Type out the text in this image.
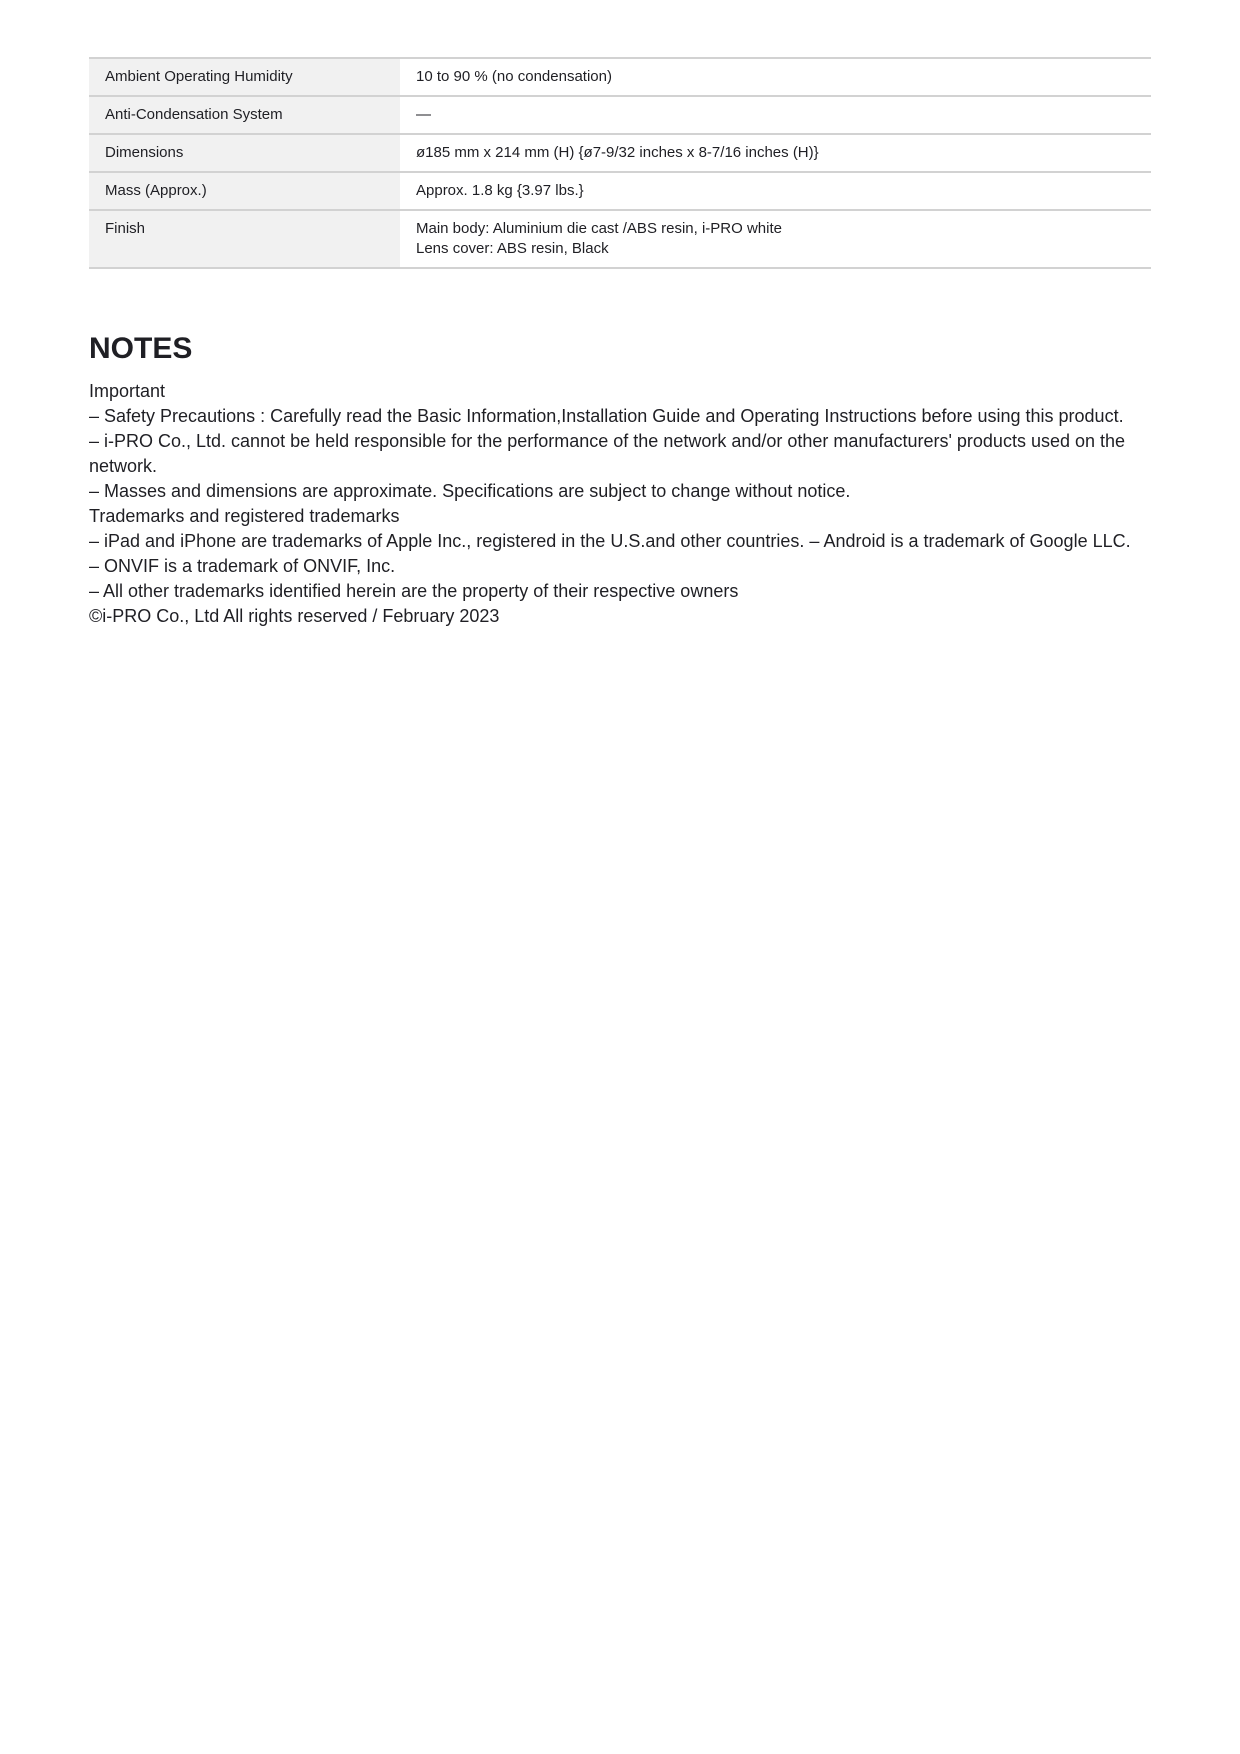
Ambient Operating Humidity	10 to 90 % (no condensation)

Anti-Condensation System	—

Dimensions	ø185 mm x 214 mm (H) {ø7-9/32 inches x 8-7/16 inches (H)}

Mass (Approx.)	Approx. 1.8 kg {3.97 lbs.}

Finish	Main body: Aluminium die cast /ABS resin, i-PRO white
Lens cover: ABS resin, Black
NOTES
Important
– Safety Precautions : Carefully read the Basic Information,Installation Guide and Operating Instructions before using this product.
– i-PRO Co., Ltd. cannot be held responsible for the performance of the network and/or other manufacturers' products used on the network.
– Masses and dimensions are approximate. Specifications are subject to change without notice.
Trademarks and registered trademarks
– iPad and iPhone are trademarks of Apple Inc., registered in the U.S.and other countries. – Android is a trademark of Google LLC.
– ONVIF is a trademark of ONVIF, Inc.
– All other trademarks identified herein are the property of their respective owners
©i-PRO Co., Ltd All rights reserved / February 2023
